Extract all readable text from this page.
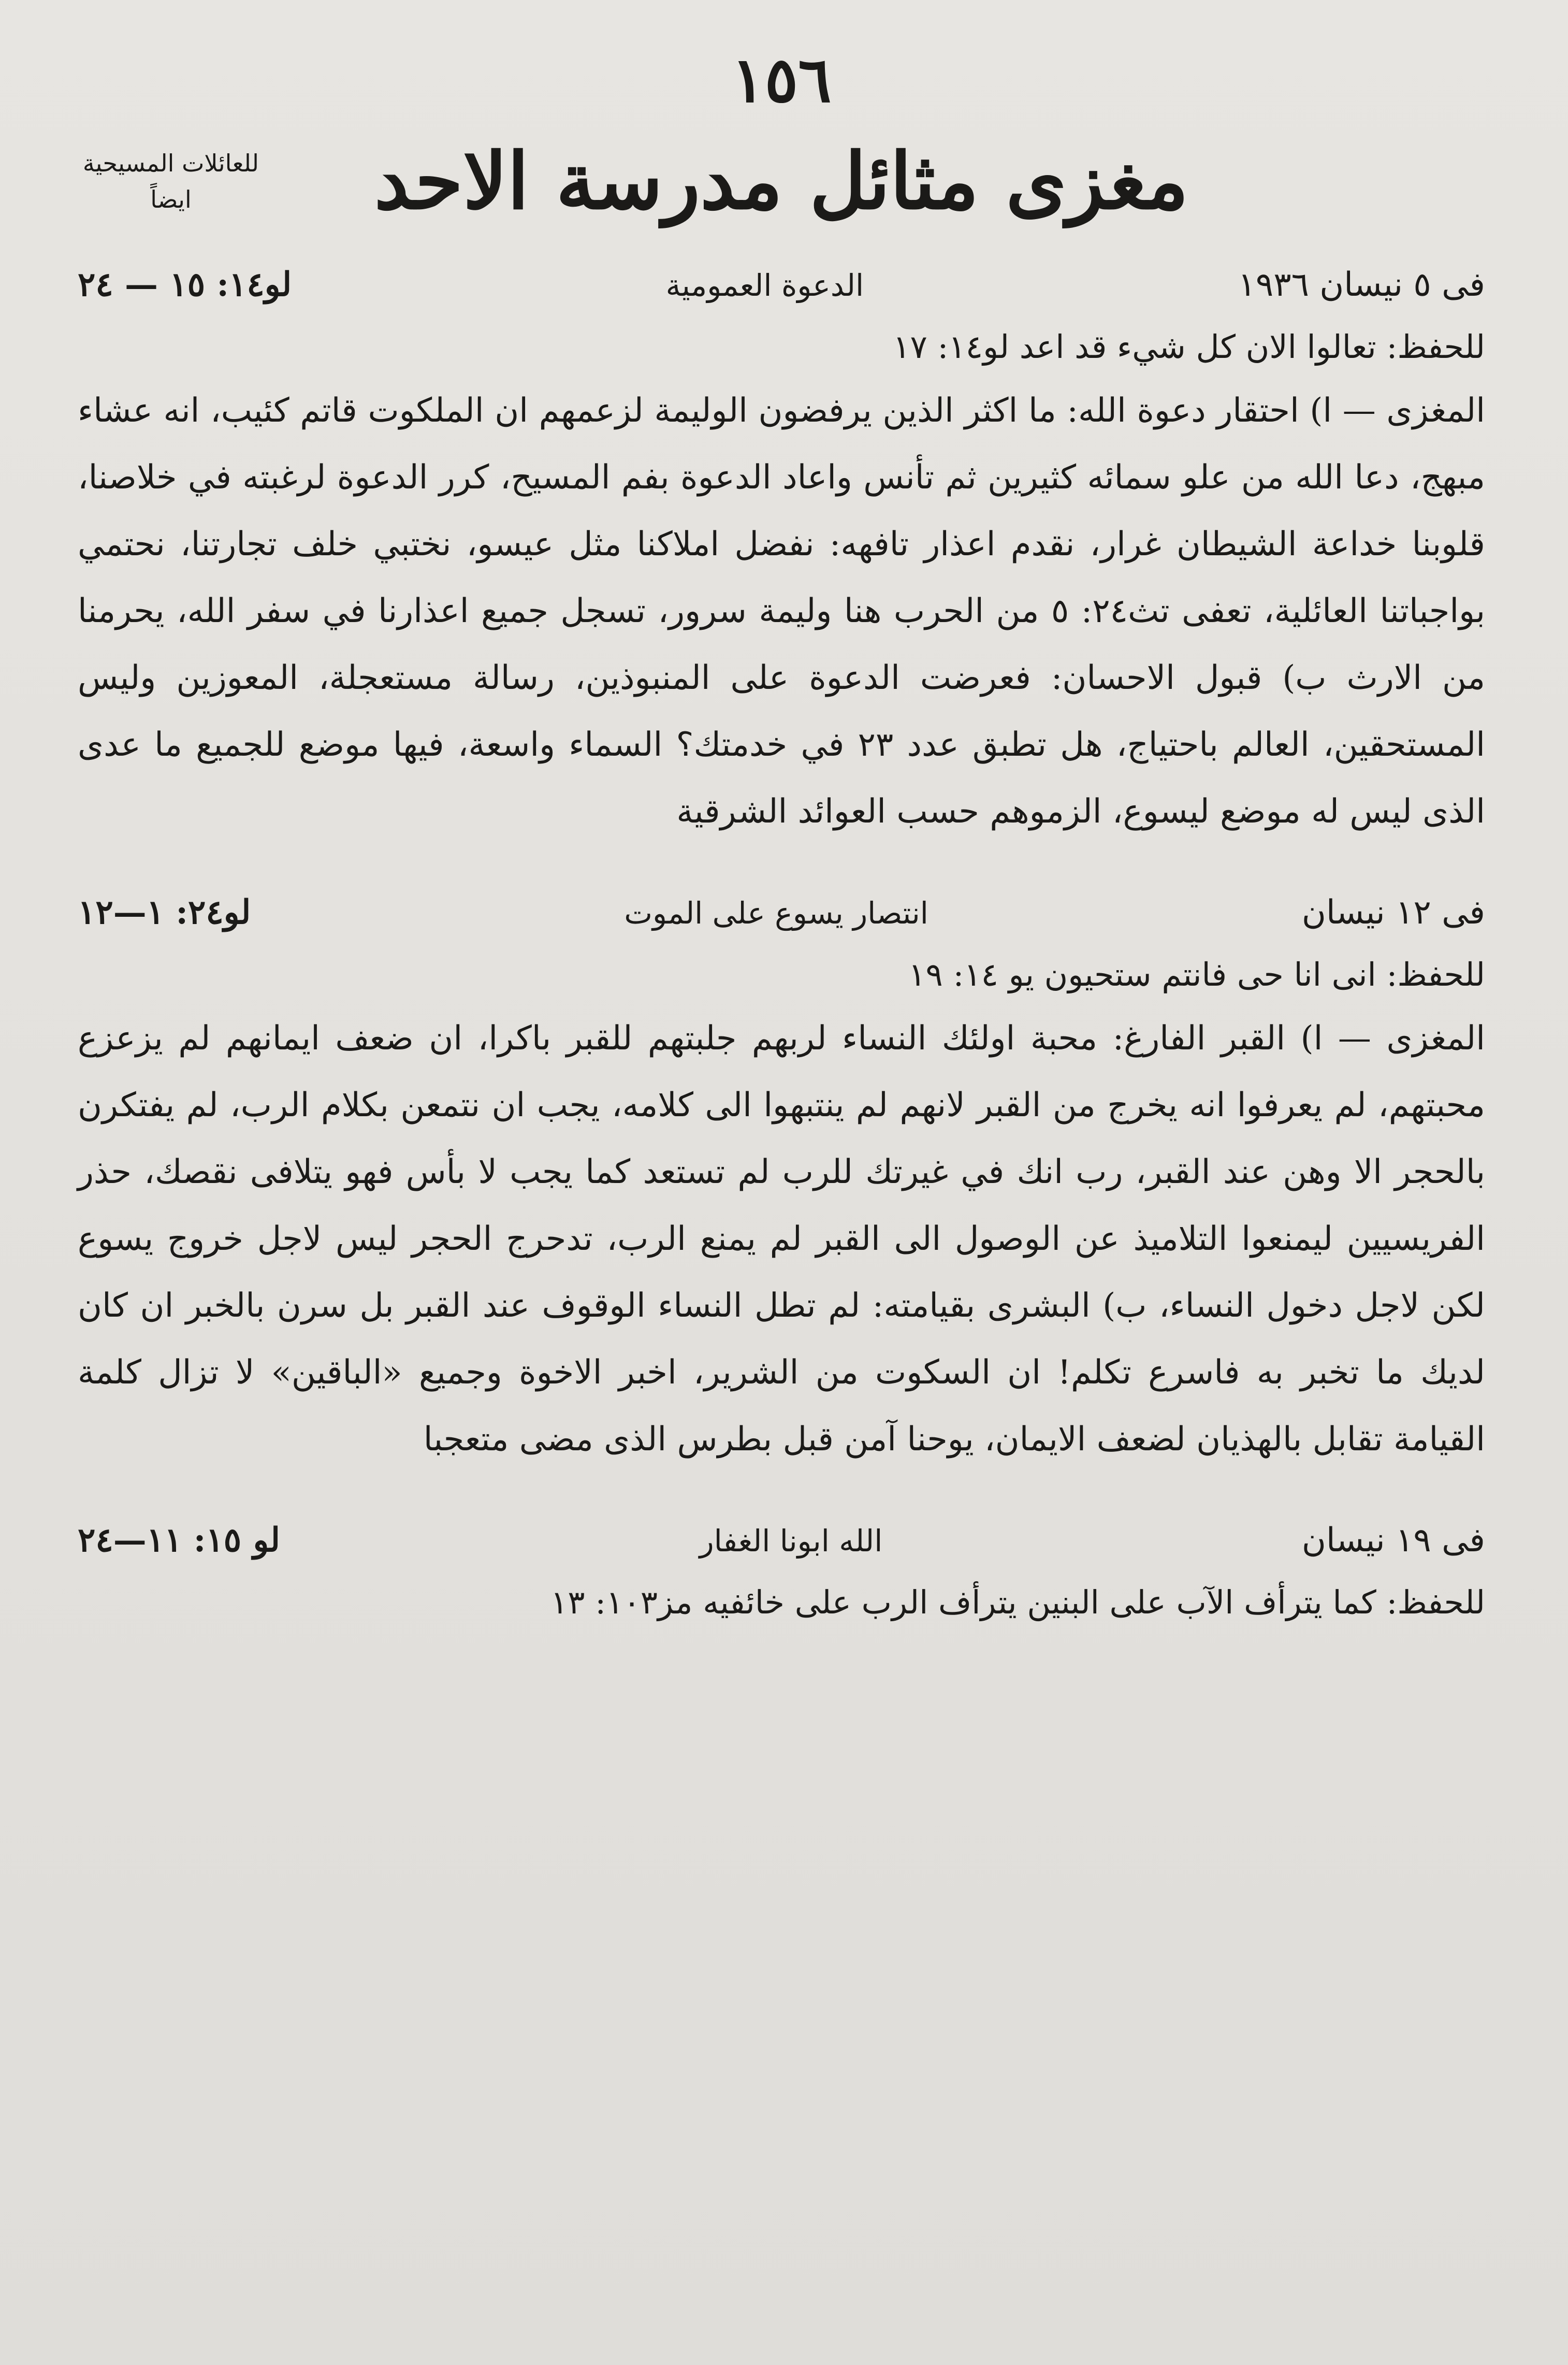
١٥٦
مغزى مثائل مدرسة الاحد
للعائلات المسيحية
ايضاً
فى ٥ نيسان ١٩٣٦
الدعوة العمومية
لو١٤: ١٥ — ٢٤

للحفظ: تعالوا الان كل شيء قد اعد لو١٤: ١٧

المغزى — ا) احتقار دعوة الله: ما اكثر الذين يرفضون الوليمة لزعمهم ان الملكوت قاتم كئيب، انه عشاء مبهج، دعا الله من علو سمائه كثيرين ثم تأنس واعاد الدعوة بفم المسيح، كرر الدعوة لرغبته في خلاصنا، قلوبنا خداعة الشيطان غرار، نقدم اعذار تافهه: نفضل املاكنا مثل عيسو، نختبي خلف تجارتنا، نحتمي بواجباتنا العائلية، تعفى تث٢٤: ٥ من الحرب هنا وليمة سرور، تسجل جميع اعذارنا في سفر الله، يحرمنا من الارث ب) قبول الاحسان: فعرضت الدعوة على المنبوذين، رسالة مستعجلة، المعوزين وليس المستحقين، العالم باحتياج، هل تطبق عدد ٢٣ في خدمتك؟ السماء واسعة، فيها موضع للجميع ما عدى الذى ليس له موضع ليسوع، الزموهم حسب العوائد الشرقية

فى ١٢ نيسان
انتصار يسوع على الموت
لو٢٤: ١—١٢

للحفظ: انى انا حى فانتم ستحيون يو ١٤: ١٩

المغزى — ا) القبر الفارغ: محبة اولئك النساء لربهم جلبتهم للقبر باكرا، ان ضعف ايمانهم لم يزعزع محبتهم، لم يعرفوا انه يخرج من القبر لانهم لم ينتبهوا الى كلامه، يجب ان نتمعن بكلام الرب، لم يفتكرن بالحجر الا وهن عند القبر، رب انك في غيرتك للرب لم تستعد كما يجب لا بأس فهو يتلافى نقصك، حذر الفريسيين ليمنعوا التلاميذ عن الوصول الى القبر لم يمنع الرب، تدحرج الحجر ليس لاجل خروج يسوع لكن لاجل دخول النساء، ب) البشرى بقيامته: لم تطل النساء الوقوف عند القبر بل سرن بالخبر ان كان لديك ما تخبر به فاسرع تكلم! ان السكوت من الشرير، اخبر الاخوة وجميع «الباقين» لا تزال كلمة القيامة تقابل بالهذيان لضعف الايمان، يوحنا آمن قبل بطرس الذى مضى متعجبا

فى ١٩ نيسان
الله ابونا الغفار
لو ١٥: ١١—٢٤

للحفظ: كما يترأف الآب على البنين يترأف الرب على خائفيه مز١٠٣: ١٣
